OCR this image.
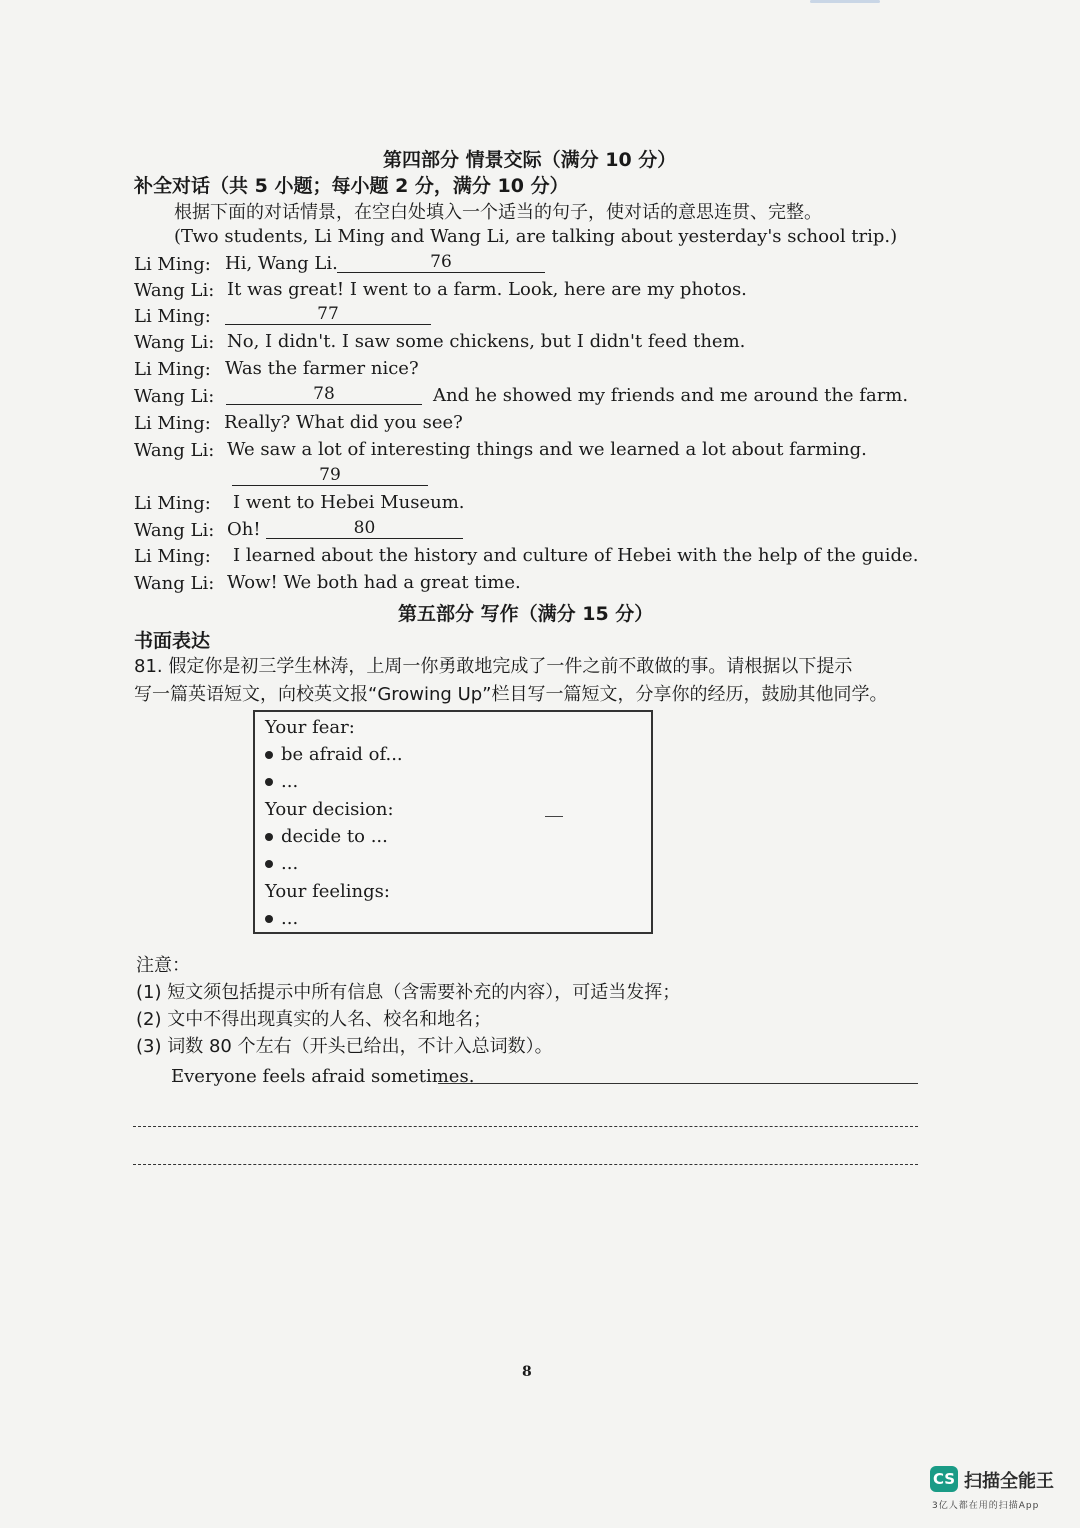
第四部分 情景交际（满分 10 分）
补全对话（共 5 小题；每小题 2 分，满分 10 分）
根据下面的对话情景，在空白处填入一个适当的句子，使对话的意思连贯、完整。
(Two students, Li Ming and Wang Li, are talking about yesterday's school trip.)
Li Ming: Hi, Wang Li.	76
Wang Li: It was great! I went to a farm. Look, here are my photos.
Li Ming:	77
Wang Li: No, I didn't. I saw some chickens, but I didn't feed them.
Li Ming: Was the farmer nice?
Wang Li:	78	And he showed my friends and me around the farm.
Li Ming: Really? What did you see?
Wang Li: We saw a lot of interesting things and we learned a lot about farming.
79
Li Ming: I went to Hebei Museum.
Wang Li: Oh!	80
Li Ming: I learned about the history and culture of Hebei with the help of the guide.
Wang Li: Wow! We both had a great time.
第五部分 写作（满分 15 分）
书面表达
81. 假定你是初三学生林涛，上周一你勇敢地完成了一件之前不敢做的事。请根据以下提示
写一篇英语短文，向校英文报“Growing Up”栏目写一篇短文，分享你的经历，鼓励其他同学。
Your fear:
be afraid of...
...
Your decision:
decide to ...
...
Your feelings:
...
注意：
(1) 短文须包括提示中所有信息（含需要补充的内容），可适当发挥；
(2) 文中不得出现真实的人名、校名和地名；
(3) 词数 80 个左右（开头已给出，不计入总词数）。
Everyone feels afraid sometimes.
8
CS 扫描全能王
3亿人都在用的扫描App
